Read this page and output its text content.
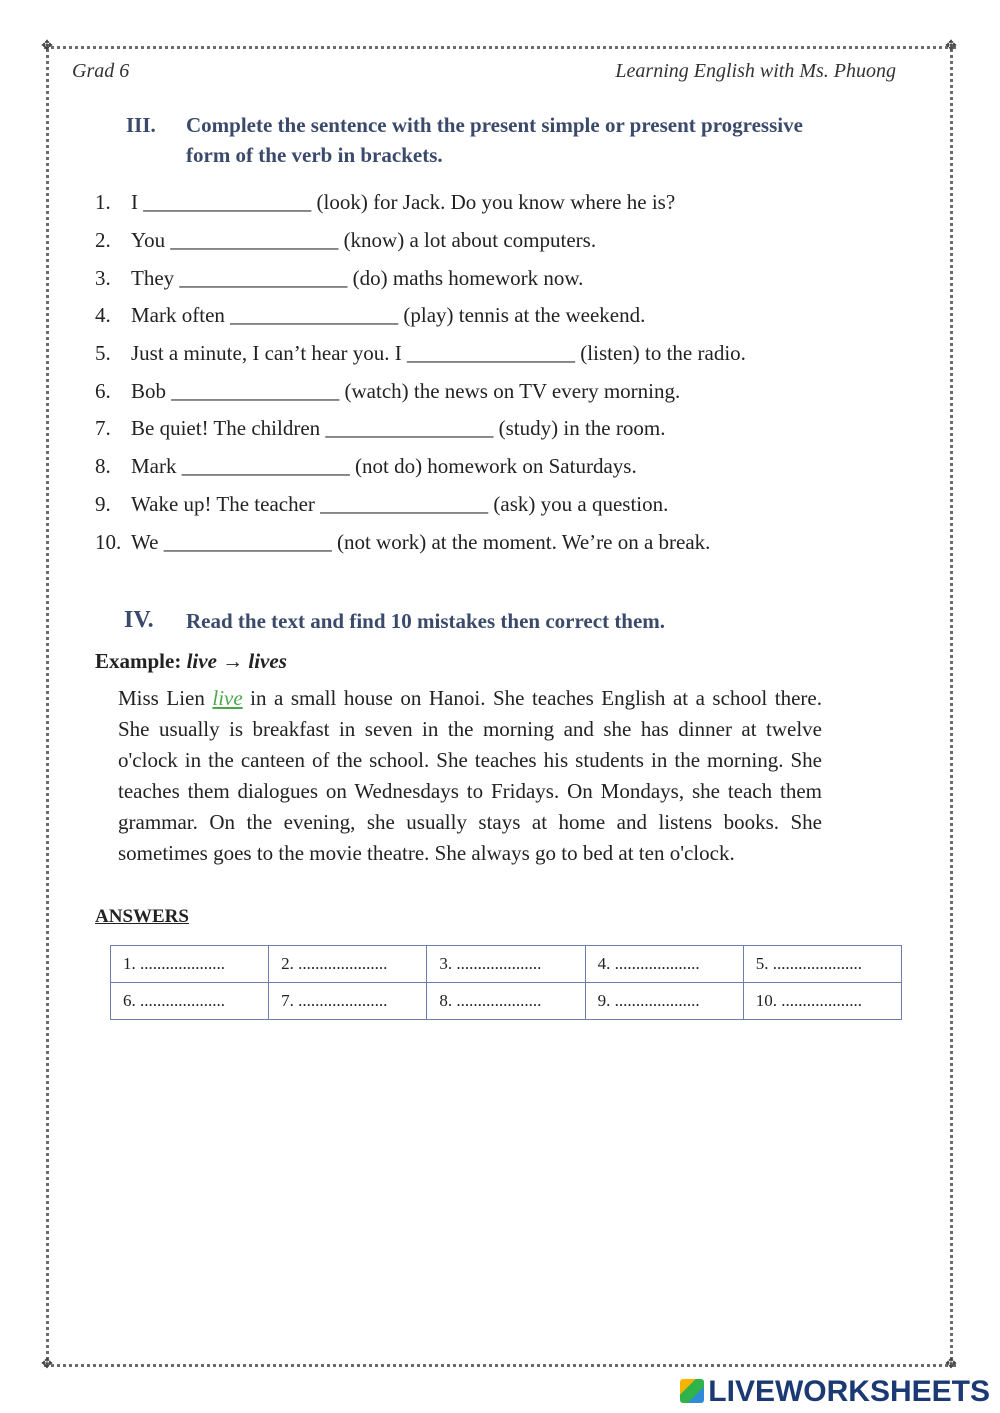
✥	✥
✥	✥
Grad 6	Learning English with Ms. Phuong
III. Complete the sentence with the present simple or present progressive
form of the verb in brackets.
1. I ________________ (look) for Jack. Do you know where he is?
2. You ________________ (know) a lot about computers.
3. They ________________ (do) maths homework now.
4. Mark often ________________ (play) tennis at the weekend.
5. Just a minute, I can’t hear you. I ________________ (listen) to the radio.
6. Bob ________________ (watch) the news on TV every morning.
7. Be quiet! The children ________________ (study) in the room.
8. Mark ________________ (not do) homework on Saturdays.
9. Wake up! The teacher ________________ (ask) you a question.
10. We ________________ (not work) at the moment. We’re on a break.
IV. Read the text and find 10 mistakes then correct them.
Example: live → lives
Miss Lien live in a small house on Hanoi. She teaches English at a school there. She usually is breakfast in seven in the morning and she has dinner at twelve o'clock in the canteen of the school. She teaches his students in the morning. She teaches them dialogues on Wednesdays to Fridays. On Mondays, she teach them grammar. On the evening, she usually stays at home and listens books. She sometimes goes to the movie theatre. She always go to bed at ten o'clock.
ANSWERS
1. ....................	2. .....................	3. ....................	4. ....................	5. .....................
6. ....................	7. .....................	8. ....................	9. ....................	10. ...................
LIVEWORKSHEETS
